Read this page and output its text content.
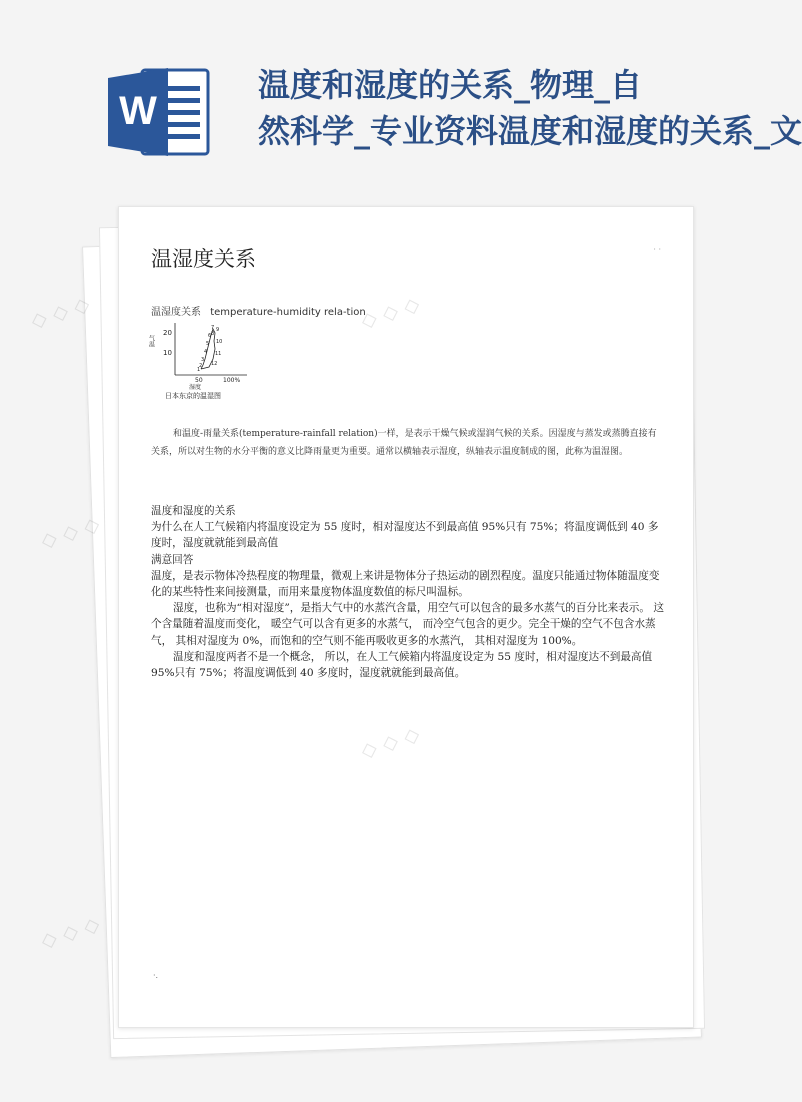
W
温度和湿度的关系_物理_自
然科学_专业资料温度和湿度的关系_文
温湿度关系	· ·
温湿度关系 temperature-humidity rela-tion
气温
20
10
1
2
3
4
5
6
7
8
9
10
11
12
50	100%
湿度
日本东京的温湿图

和温度-雨量关系(temperature-rainfall relation)一样，是表示干燥气候或湿润气候的关系。因湿度与蒸发或蒸腾直接有关系，所以对生物的水分平衡的意义比降雨量更为重要。通常以横轴表示湿度，纵轴表示温度制成的图，此称为温湿图。

温度和湿度的关系

为什么在人工气候箱内将温度设定为 55 度时，相对湿度达不到最高值 95%只有 75%；将温度调低到 40 多度时，湿度就就能到最高值

满意回答

温度，是表示物体冷热程度的物理量，微观上来讲是物体分子热运动的剧烈程度。温度只能通过物体随温度变化的某些特性来间接测量，而用来量度物体温度数值的标尺叫温标。

湿度，也称为“相对湿度”，是指大气中的水蒸汽含量，用空气可以包含的最多水蒸气的百分比来表示。 这个含量随着温度而变化， 暖空气可以含有更多的水蒸气， 而冷空气包含的更少。完全干燥的空气不包含水蒸气， 其相对湿度为 0%，而饱和的空气则不能再吸收更多的水蒸汽， 其相对湿度为 100%。

温度和湿度两者不是一个概念， 所以，在人工气候箱内将温度设定为 55 度时，相对湿度达不到最高值 95%只有 75%；将温度调低到 40 多度时，湿度就就能到最高值。

·.
◇ ◇ ◇
◇ ◇ ◇
◇ ◇ ◇
